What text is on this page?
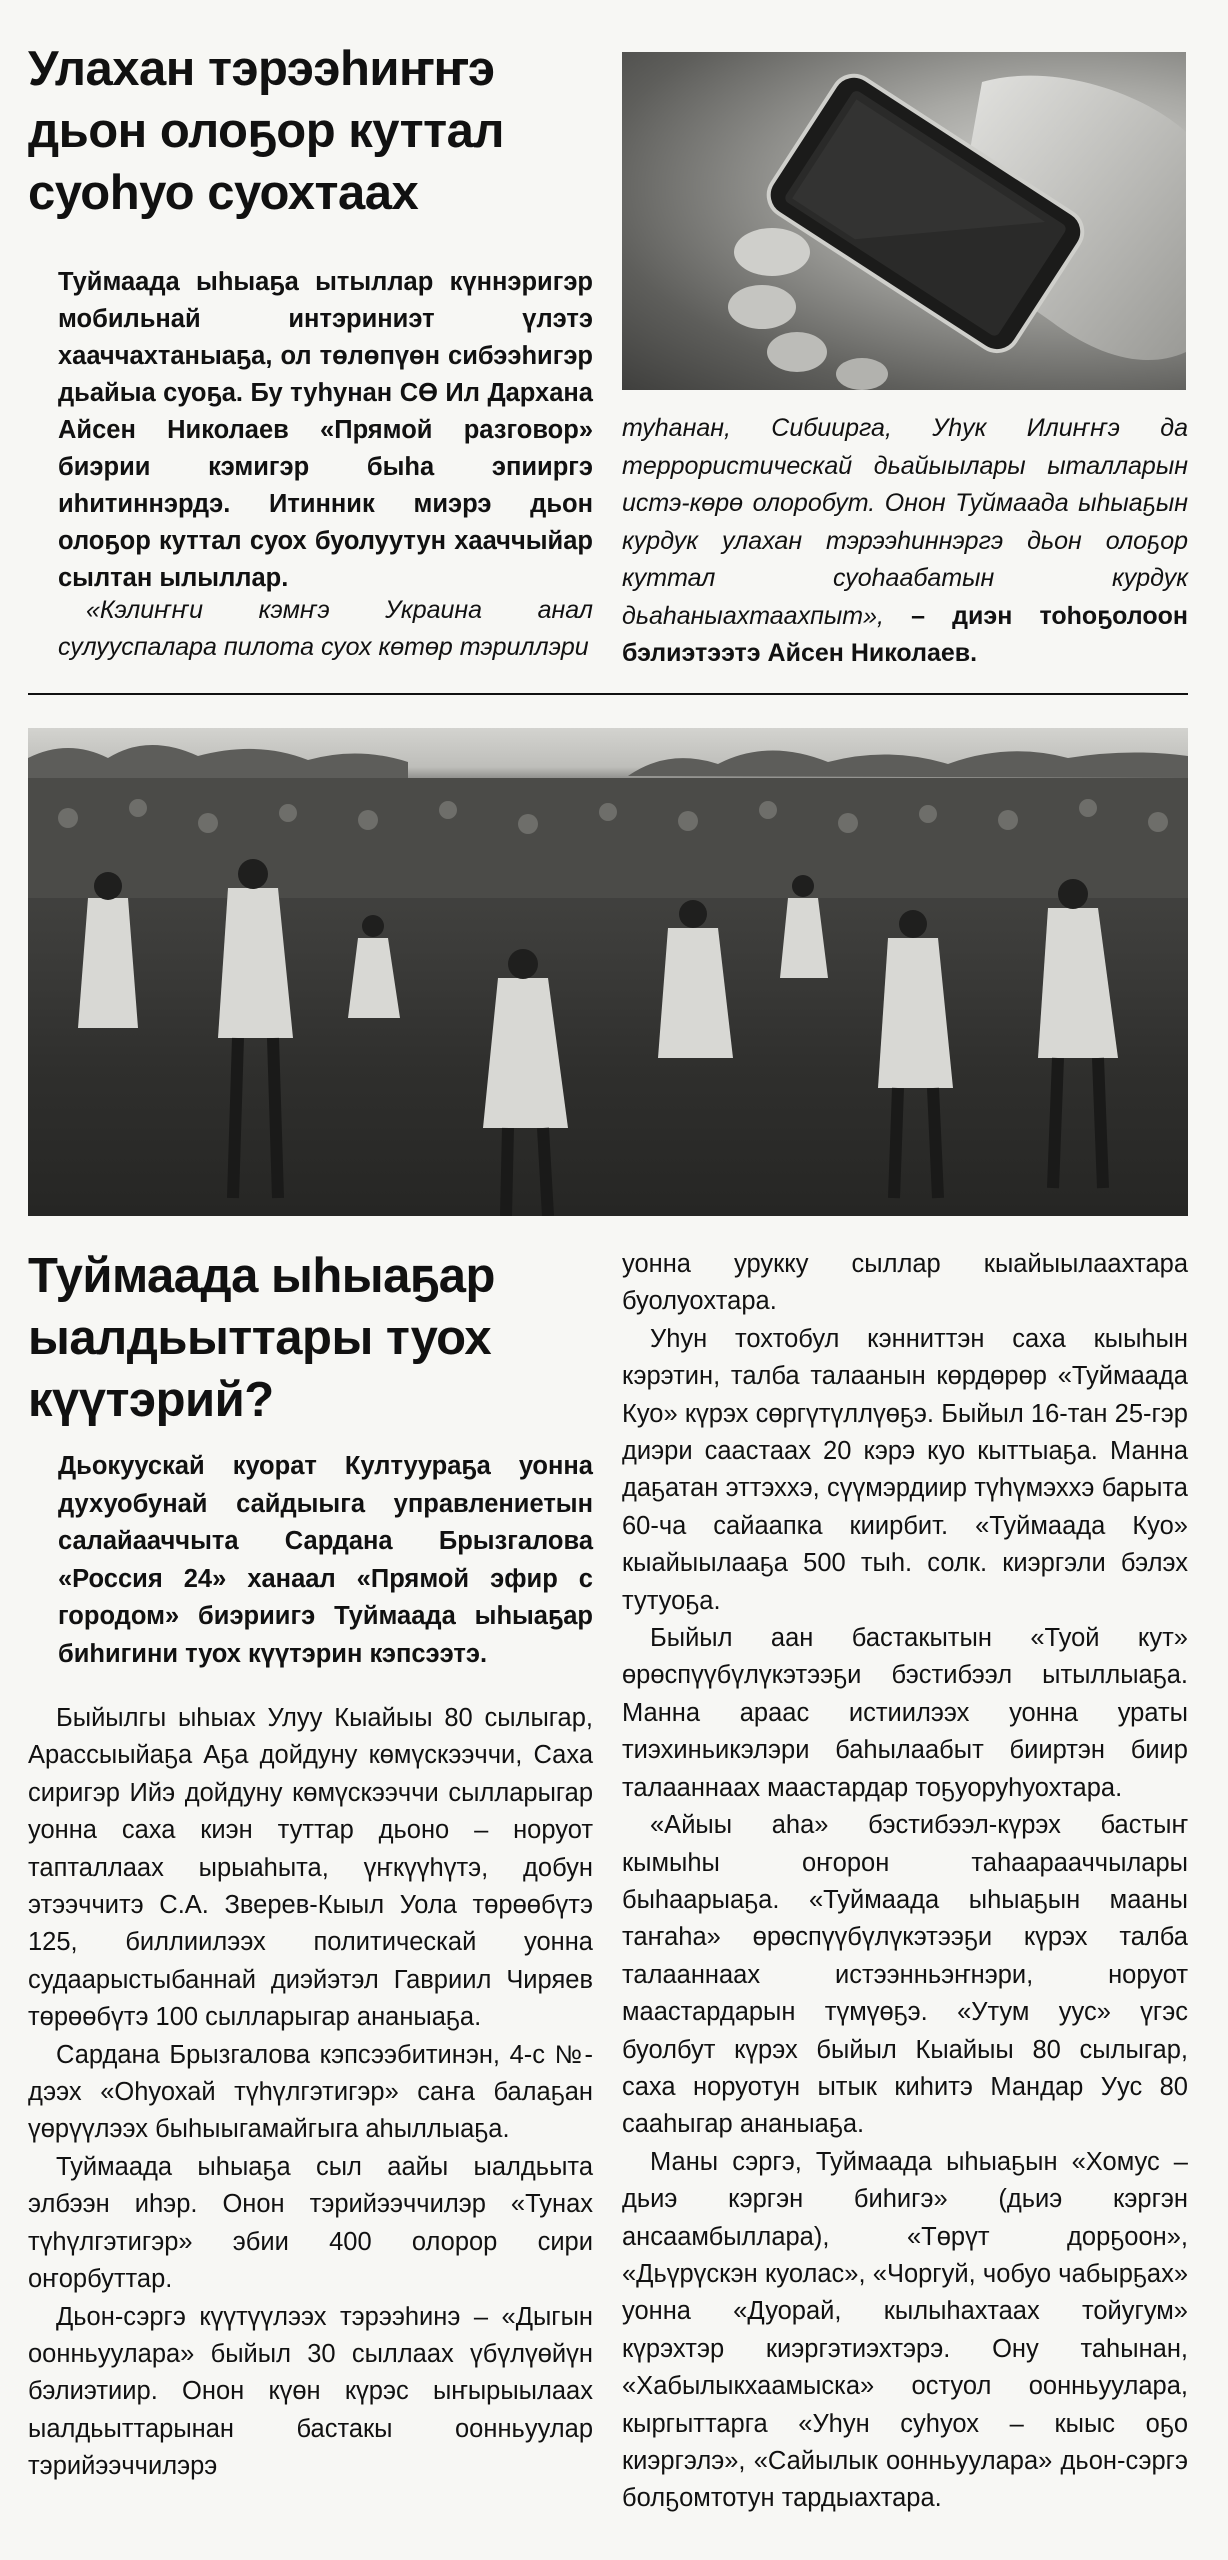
Улахан тэрээһиҥҥэ дьон олоҕор куттал суоһуо суохтаах

Туймаада ыһыаҕа ытыллар күннэригэр мобильнай интэриниэт үлэтэ хааччахтаныаҕа, ол төлөпүөн сибээһигэр дьайыа суоҕа. Бу туһунан СӨ Ил Дархана Айсен Николаев «Прямой разговор» биэрии кэмигэр быһа эпииргэ иһитиннэрдэ. Итинник миэрэ дьон олоҕор куттал суох буолуутун хааччыйар сылтан ылыллар.

«Кэлиҥҥи кэмҥэ Украина анал сулууспалара пилота суох көтөр тэриллэри

туһанан, Сибиирга, Уһук Илиҥҥэ да террористическай дьайыылары ыталларын истэ-көрө олоробут. Онон Туймаада ыһыаҕын курдук улахан тэрээһиннэргэ дьон олоҕор куттал суоһаабатын курдук дьаһаныахтаахпыт», – диэн тоһоҕолоон бэлиэтээтэ Айсен Николаев.

Туймаада ыһыаҕар ыалдьыттары туох күүтэрий?

Дьокуускай куорат Култуураҕа уонна духуобунай сайдыыга управлениетын салайааччыта Сардана Брызгалова «Россия 24» ханаал «Прямой эфир с городом» биэриигэ Туймаада ыһыаҕар биһигини туох күүтэрин кэпсээтэ.

Быйылгы ыһыах Улуу Кыайыы 80 сылыгар, Арассыыйаҕа Аҕа дойдуну көмүскээччи, Саха сиригэр Ийэ дойдуну көмүскээччи сылларыгар уонна саха киэн туттар дьоно – норуот тапталлаах ырыаһыта, үҥкүүһүтэ, добун этээччитэ С.А. Зверев-Кыыл Уола төрөөбүтэ 125, биллиилээх политическай уонна судаарыстыбаннай диэйэтэл Гавриил Чиряев төрөөбүтэ 100 сылларыгар ананыаҕа.

Сардана Брызгалова кэпсээбитинэн, 4-с №-дээх «Оһуохай түһүлгэтигэр» саҥа балаҕан үөрүүлээх быһыыгамайгыга аһыллыаҕа.

Туймаада ыһыаҕа сыл аайы ыалдьыта элбээн иһэр. Онон тэрийээччилэр «Тунах түһүлгэтигэр» эбии 400 олорор сири оҥорбуттар.

Дьон-сэргэ күүтүүлээх тэрээһинэ – «Дыгын оонньуулара» быйыл 30 сыллаах үбүлүөйүн бэлиэтиир. Онон күөн күрэс ыҥырыылаах ыалдьыттарынан бастакы оонньуулар тэрийээччилэрэ

уонна урукку сыллар кыайыылаахтара буолуохтара.

Уһун тохтобул кэнниттэн саха кыыһын кэрэтин, талба талаанын көрдөрөр «Туймаада Куо» күрэх сөргүтүллүөҕэ. Быйыл 16-тан 25-гэр диэри саастаах 20 кэрэ куо кыттыаҕа. Манна даҕатан эттэххэ, сүүмэрдиир түһүмэххэ барыта 60-ча сайаапка киирбит. «Туймаада Куо» кыайыылааҕа 500 тыһ. солк. киэргэли бэлэх тутуоҕа.

Быйыл аан бастакытын «Туой кут» өрөспүүбүлүкэтээҕи бэстибээл ытыллыаҕа. Манна араас истиилээх уонна ураты тиэхиньикэлэри баһылаабыт бииртэн биир талааннаах маастардар тоҕуоруһуохтара.

«Айыы аһа» бэстибээл-күрэх бастыҥ кымыһы оҥорон таһаарааччылары быһаарыаҕа. «Туймаада ыһыаҕын мааны таҥаһа» өрөспүүбүлүкэтээҕи күрэх талба талааннаах истээнньэҥнэри, норуот маастардарын түмүөҕэ. «Утум уус» үгэс буолбут күрэх быйыл Кыайыы 80 сылыгар, саха норуотун ытык киһитэ Мандар Уус 80 сааһыгар ананыаҕа.

Маны сэргэ, Туймаада ыһыаҕын «Хомус – дьиэ кэргэн биһигэ» (дьиэ кэргэн ансаамбыллара), «Төрүт дорҕоон», «Дьүрүскэн куолас», «Чоргуй, чобуо чабырҕах» уонна «Дуорай, кылыһахтаах тойугум» күрэхтэр киэргэтиэхтэрэ. Ону таһынан, «Хабылыкхаамыска» остуол оонньуулара, кыргыттарга «Уһун суһуох – кыыс оҕо киэргэлэ», «Сайылык оонньуулара» дьон-сэргэ болҕомтотун тардыахтара.
